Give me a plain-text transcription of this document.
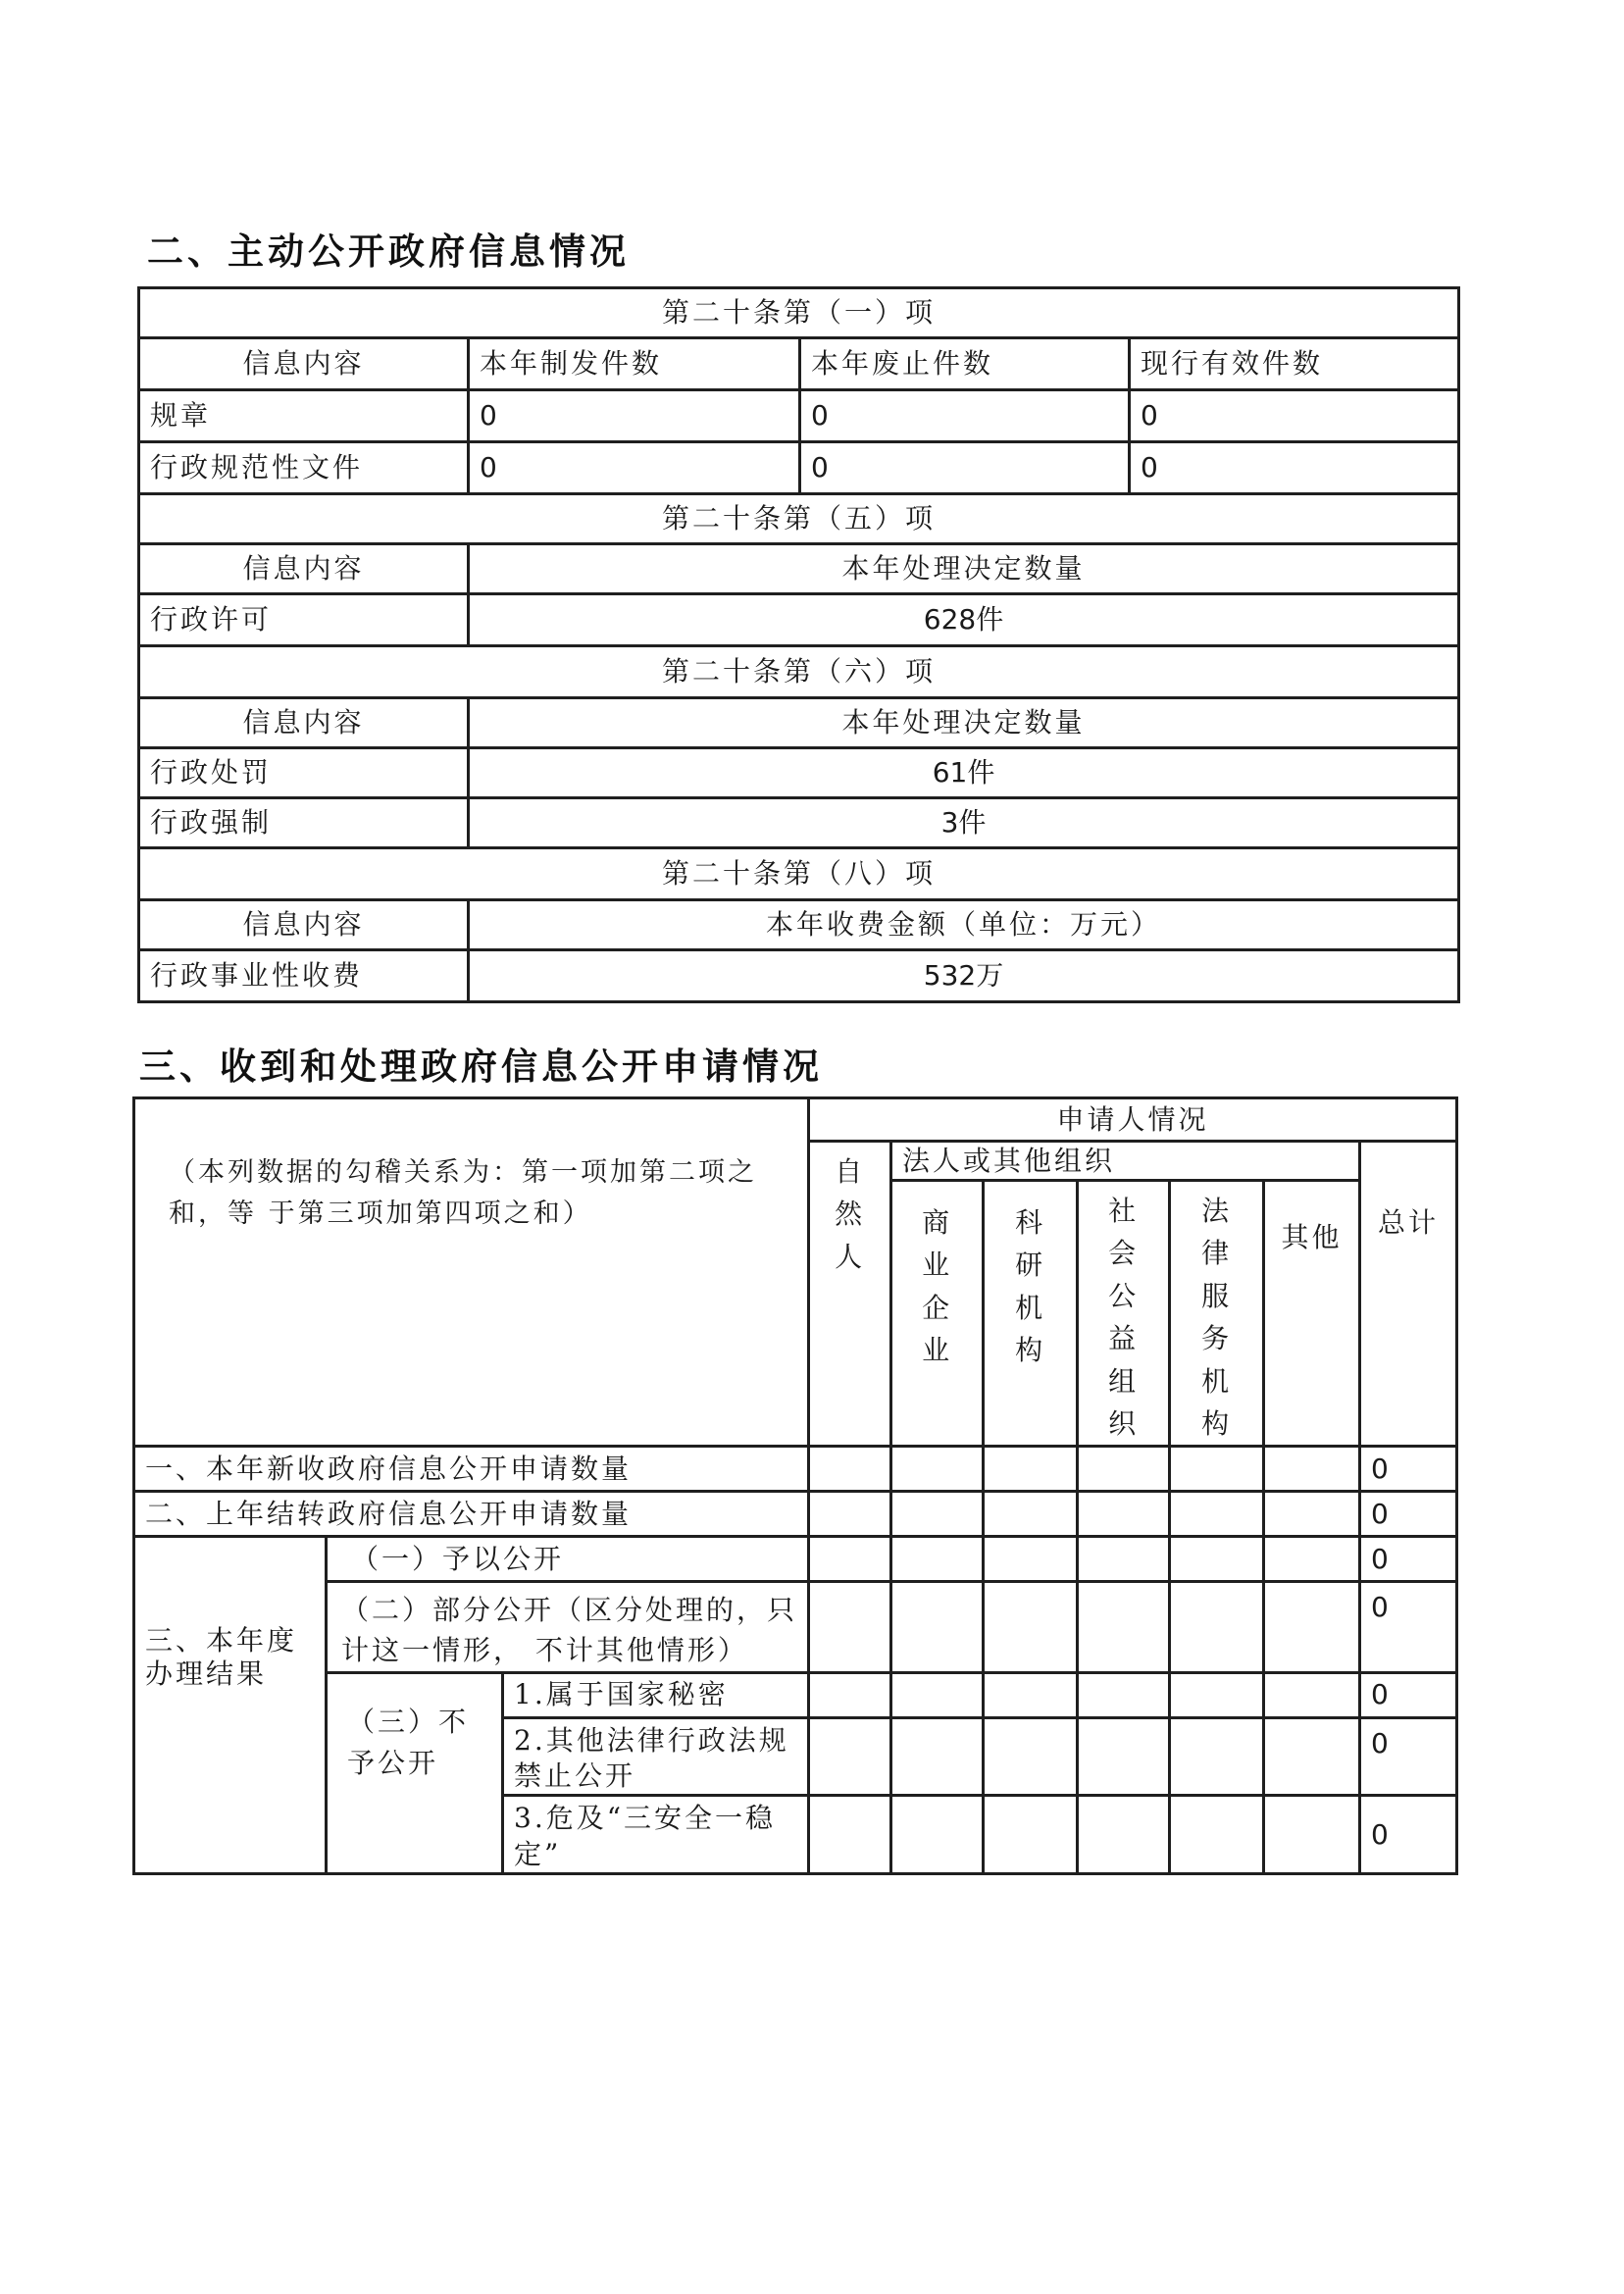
二、主动公开政府信息情况
第二十条第（一）项			
信息内容	本年制发件数	本年废止件数	现行有效件数
规章	0	0	0
行政规范性文件	0	0	0
第二十条第（五）项			
信息内容	本年处理决定数量		
行政许可	628件		
第二十条第（六）项			
信息内容	本年处理决定数量		
行政处罚	61件		
行政强制	3件		
第二十条第（八）项			
信息内容	本年收费金额（单位：万元）		
行政事业性收费	532万		
三、收到和处理政府信息公开申请情况
（本列数据的勾稽关系为：第一项加第二项之和，等 于第三项加第四项之和）			申请人情况						
			自然人	法人或其他组织					总计
				商业企业	科研机构	社会公益组织	法律服务机构	其他	
一、本年新收政府信息公开申请数量									0
二、上年结转政府信息公开申请数量									0
三、本年度办理结果	（一）予以公开								0
	（二）部分公开（区分处理的，只计这一情形， 不计其他情形）								0
	（三）不予公开	1.属于国家秘密							0
		2.其他法律行政法规禁止公开							0
		3.危及“三安全一稳定”							0
